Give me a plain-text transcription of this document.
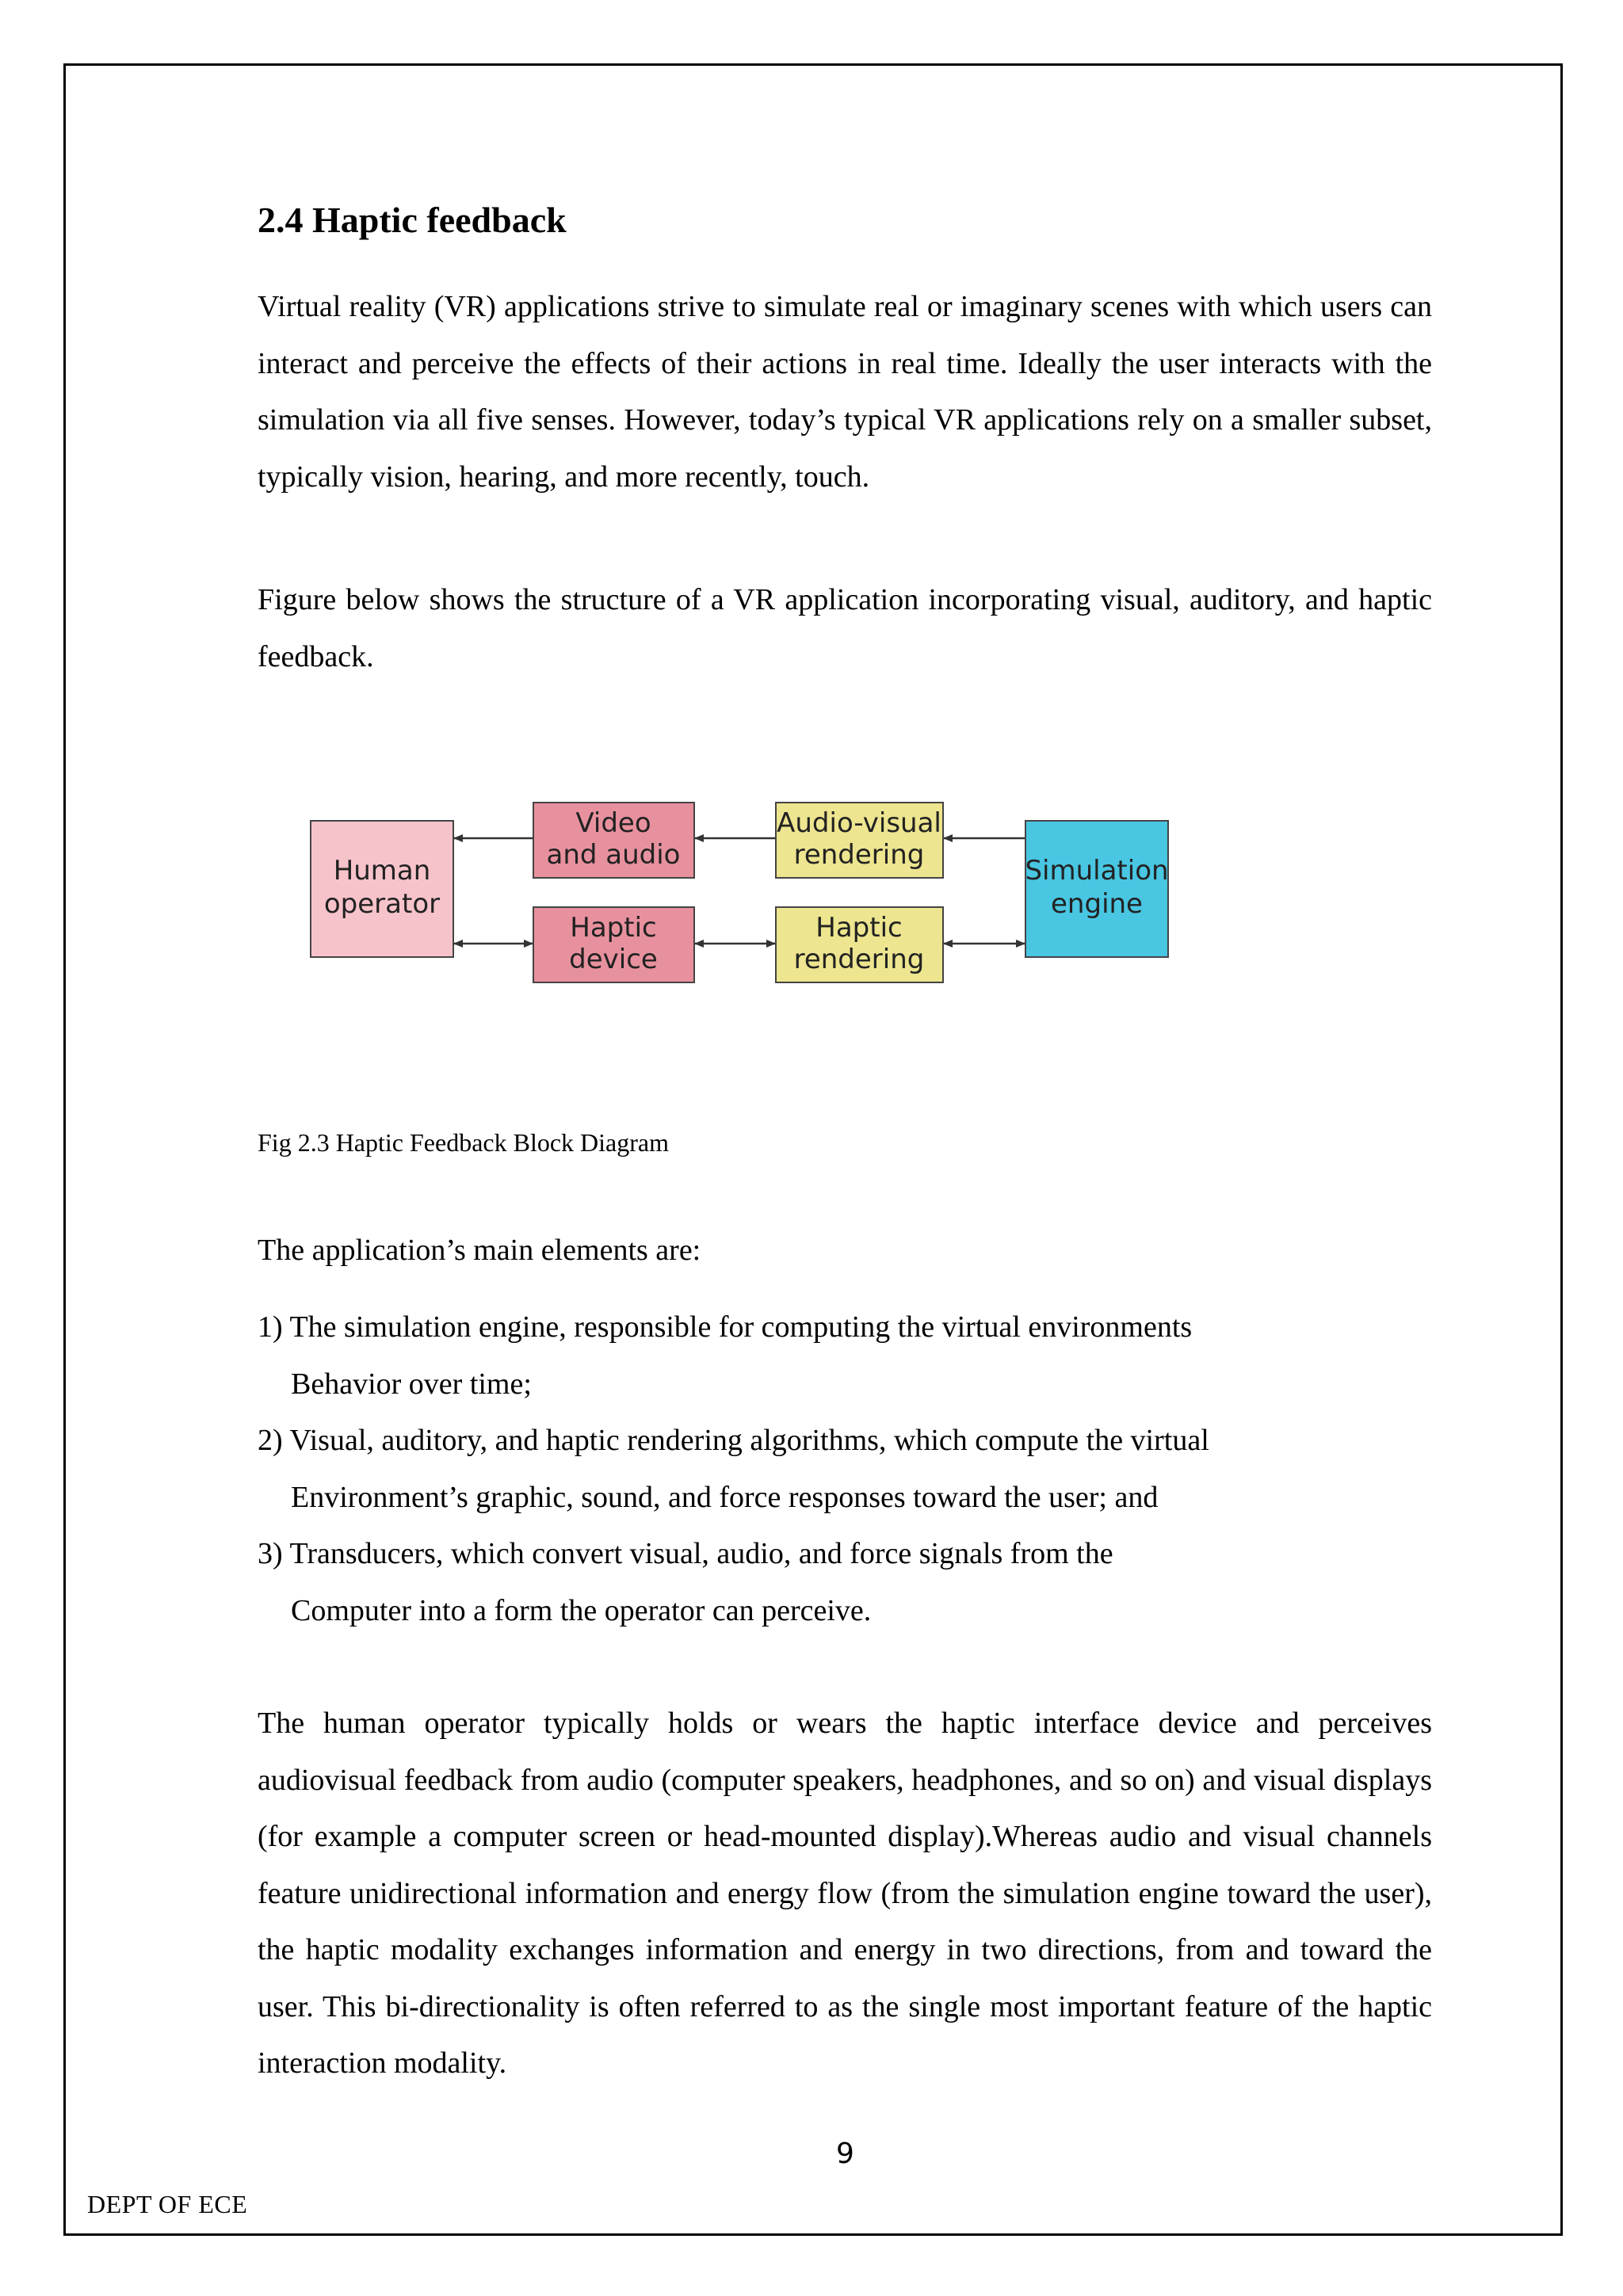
2.4 Haptic feedback
Virtual reality (VR) applications strive to simulate real or imaginary scenes with which users can interact and perceive the effects of their actions in real time. Ideally the user interacts with the simulation via all five senses. However, today’s typical VR applications rely on a smaller subset, typically vision, hearing, and more recently, touch.
Figure below shows the structure of a VR application incorporating visual, auditory, and haptic feedback.
Human
operator
Video
and audio
Audio-visual
rendering	Simulation
engine
Haptic
device
Haptic
rendering
Fig 2.3 Haptic Feedback Block Diagram
The application’s main elements are:
1) The simulation engine, responsible for computing the virtual environments
Behavior over time;
2) Visual, auditory, and haptic rendering algorithms, which compute the virtual
Environment’s graphic, sound, and force responses toward the user; and
3) Transducers, which convert visual, audio, and force signals from the
Computer into a form the operator can perceive.
The human operator typically holds or wears the haptic interface device and perceives audiovisual feedback from audio (computer speakers, headphones, and so on) and visual displays (for example a computer screen or head-mounted display).Whereas audio and visual channels feature unidirectional information and energy flow (from the simulation engine toward the user), the haptic modality exchanges information and energy in two directions, from and toward the user. This bi-directionality is often referred to as the single most important feature of the haptic interaction modality.
9
DEPT OF ECE
